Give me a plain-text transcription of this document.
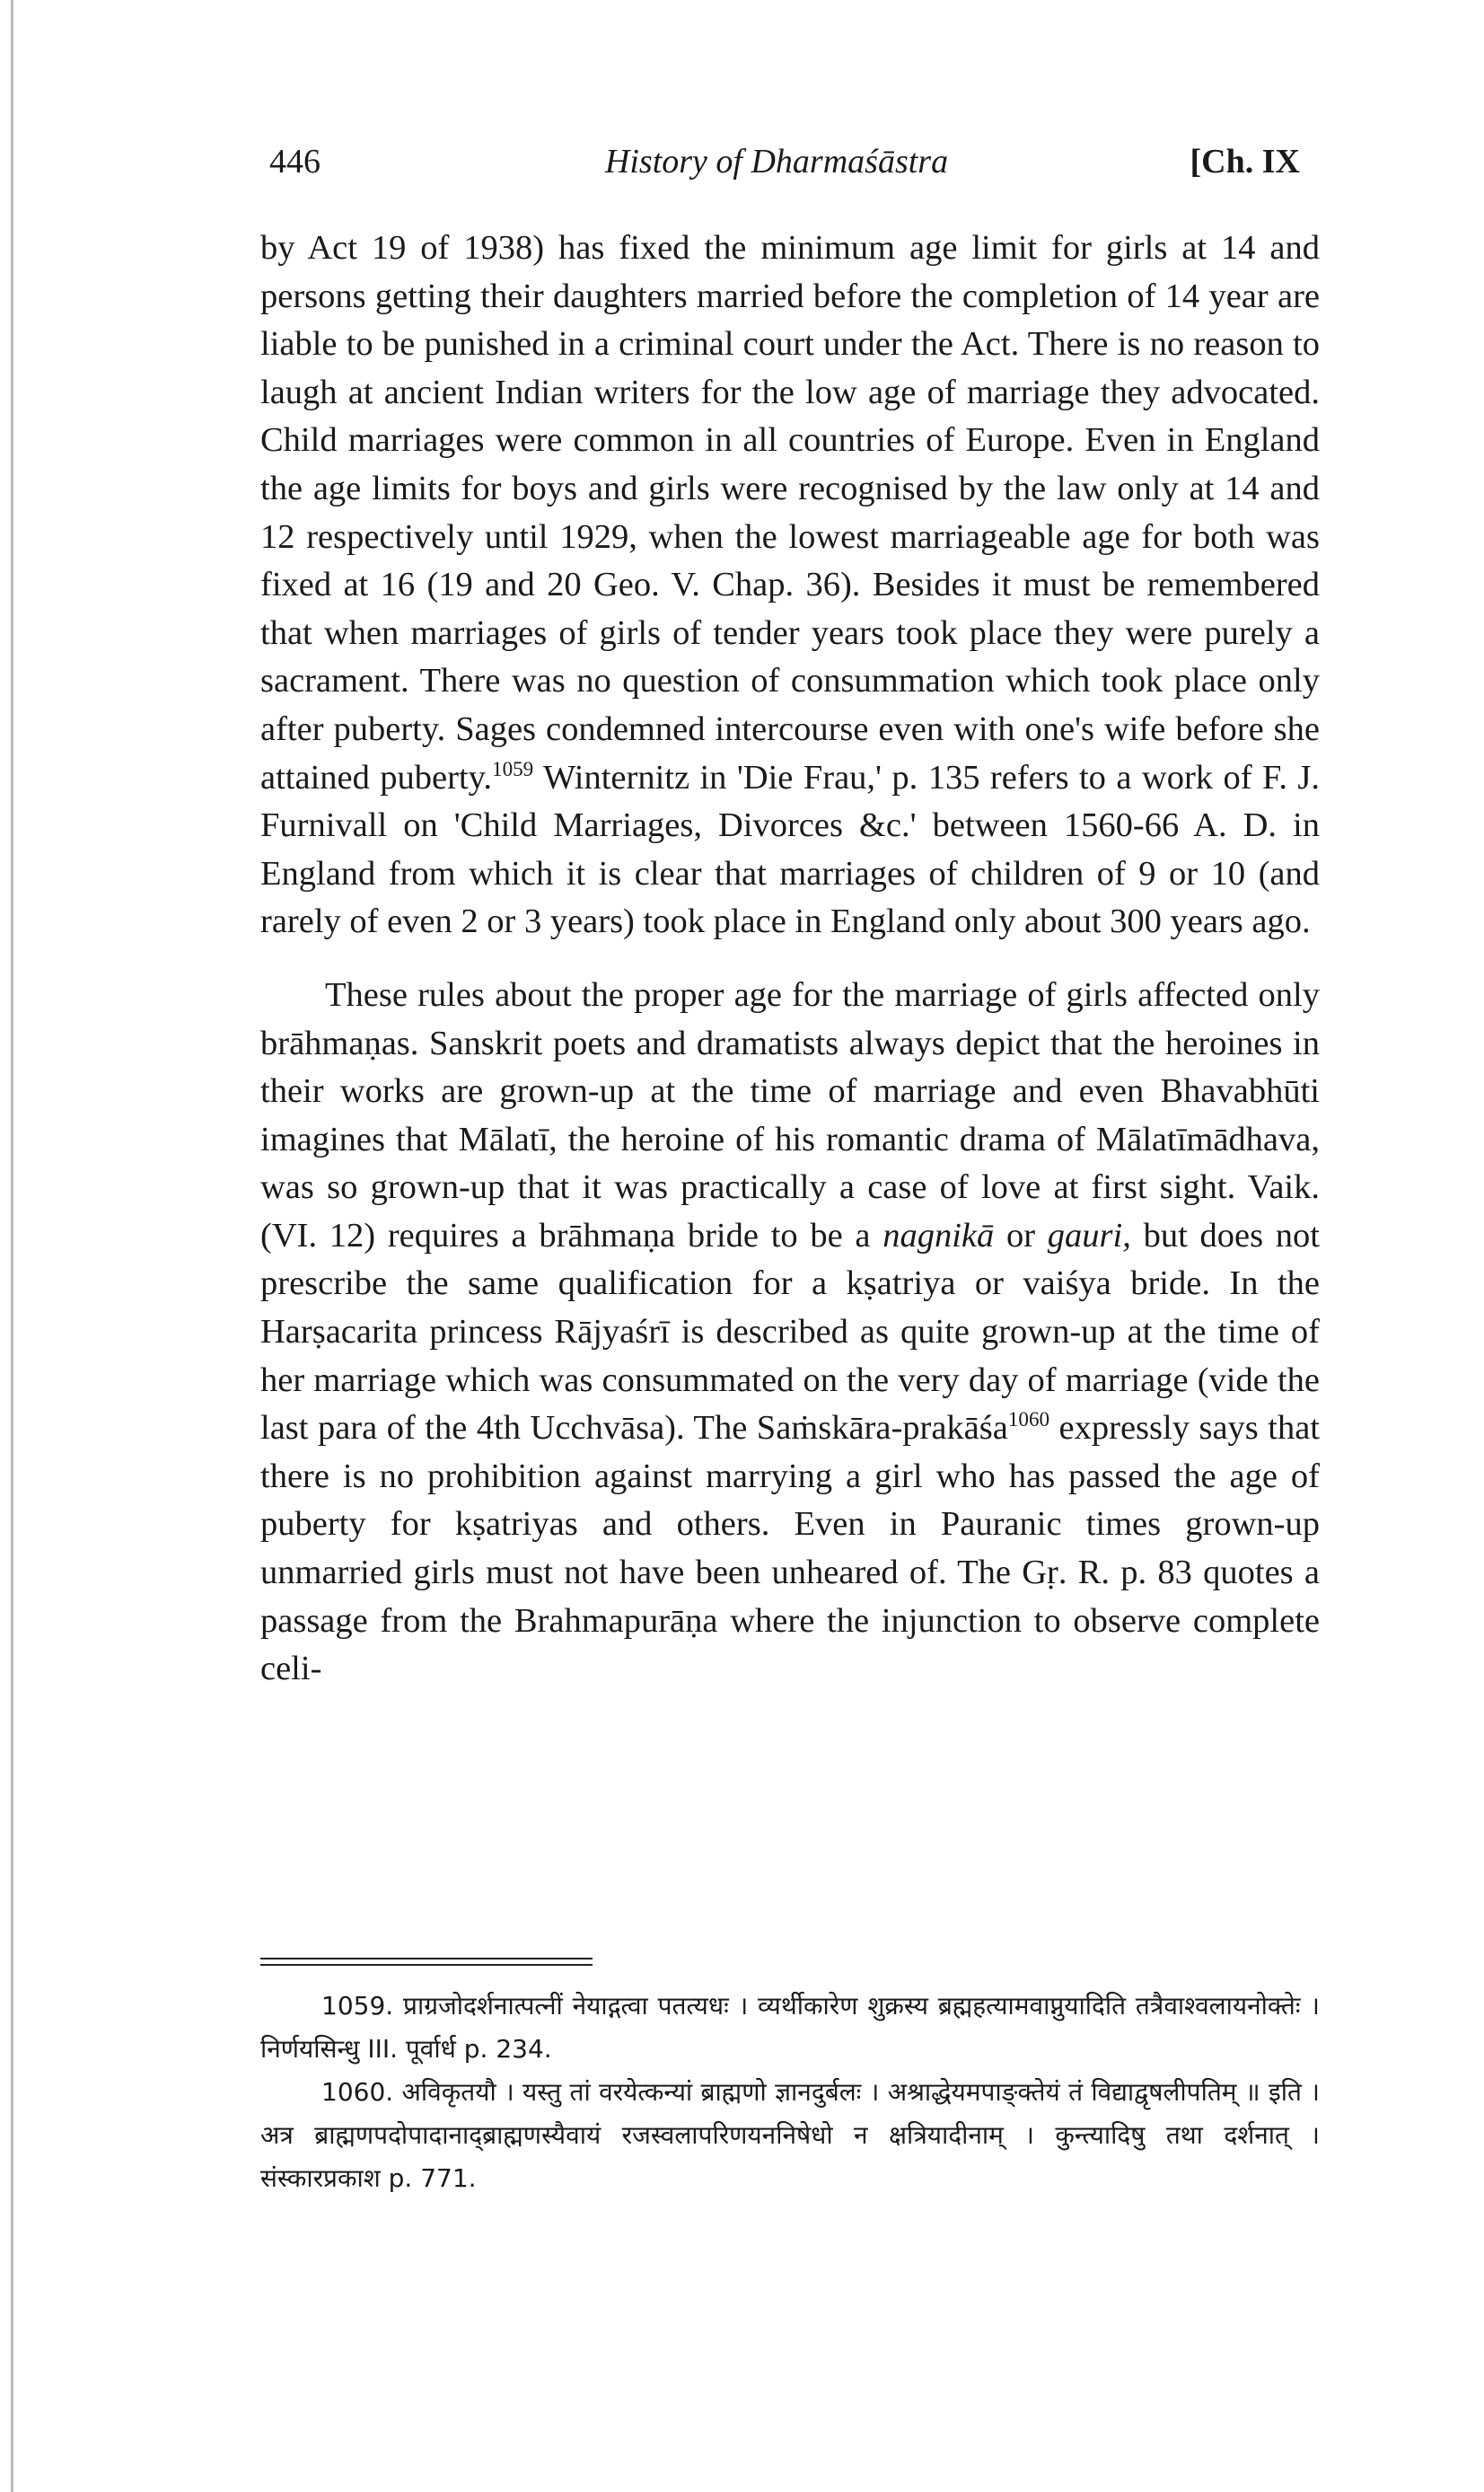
446	History of Dharmaśāstra	[Ch. IX

by Act 19 of 1938) has fixed the minimum age limit for girls at 14 and persons getting their daughters married before the completion of 14 year are liable to be punished in a criminal court under the Act. There is no reason to laugh at ancient Indian writers for the low age of marriage they advocated. Child marriages were common in all countries of Europe. Even in England the age limits for boys and girls were recognised by the law only at 14 and 12 respectively until 1929, when the lowest marriageable age for both was fixed at 16 (19 and 20 Geo. V. Chap. 36). Besides it must be remembered that when marriages of girls of tender years took place they were purely a sacrament. There was no question of consummation which took place only after puberty. Sages condemned intercourse even with one's wife before she attained puberty.$^{1059}$ Winternitz in 'Die Frau,' p. 135 refers to a work of F. J. Furnivall on 'Child Marriages, Divorces &c.' between 1560-66 A. D. in England from which it is clear that marriages of children of 9 or 10 (and rarely of even 2 or 3 years) took place in England only about 300 years ago.

These rules about the proper age for the marriage of girls affected only brāhmaṇas. Sanskrit poets and dramatists always depict that the heroines in their works are grown-up at the time of marriage and even Bhavabhūti imagines that Mālatī, the heroine of his romantic drama of Mālatīmādhava, was so grown-up that it was practically a case of love at first sight. Vaik. (VI. 12) requires a brāhmaṇa bride to be a nagnikā or gauri, but does not prescribe the same qualification for a kṣatriya or vaiśya bride. In the Harṣacarita princess Rājyaśrī is described as quite grown-up at the time of her marriage which was consummated on the very day of marriage (vide the last para of the 4th Ucchvāsa). The Saṁskāra-prakāśa$^{1060}$ expressly says that there is no prohibition against marrying a girl who has passed the age of puberty for kṣatriyas and others. Even in Pauranic times grown-up unmarried girls must not have been unheared of. The Gṛ. R. p. 83 quotes a passage from the Brahmapurāṇa where the injunction to observe complete celi-

1059. प्राग्रजोदर्शनात्पत्नीं नेयाद्गत्वा पतत्यधः । व्यर्थीकारेण शुक्रस्य ब्रह्महत्यामवाप्नुयादिति तत्रैवाश्वलायनोक्तेः । निर्णयसिन्धु III. पूर्वार्ध p. 234.

1060. अविकृतयौ । यस्तु तां वरयेत्कन्यां ब्राह्मणो ज्ञानदुर्बलः । अश्राद्धेयमपाङ्क्तेयं तं विद्याद्वृषलीपतिम् ॥ इति । अत्र ब्राह्मणपदोपादानाद्ब्राह्मणस्यैवायं रजस्वलापरिणयननिषेधो न क्षत्रियादीनाम् । कुन्त्यादिषु तथा दर्शनात् । संस्कारप्रकाश p. 771.
